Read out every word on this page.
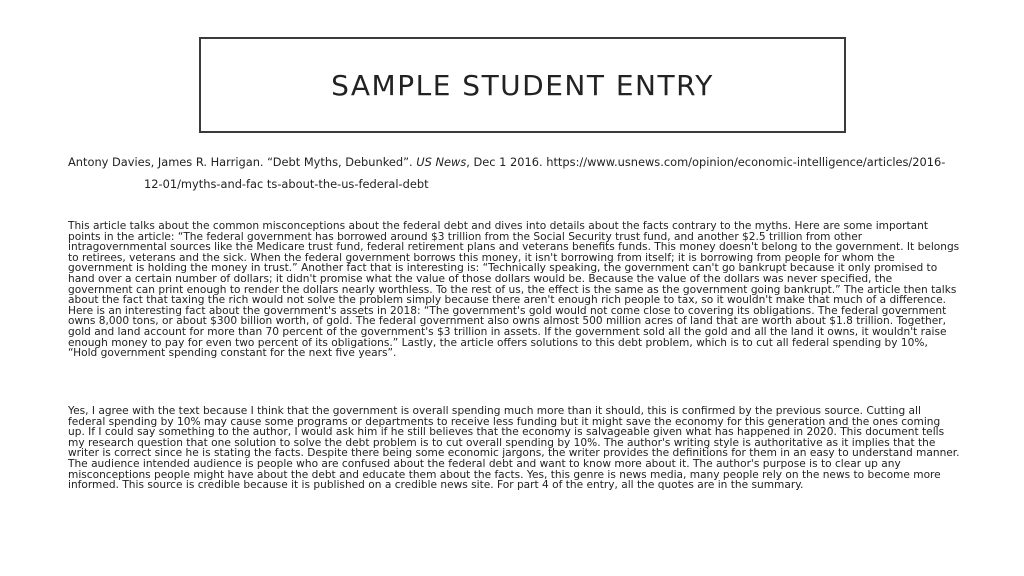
SAMPLE STUDENT ENTRY
Antony Davies, James R. Harrigan. “Debt Myths, Debunked”. US News, Dec 1 2016. https://www.usnews.com/opinion/economic-intelligence/articles/2016-
12-01/myths-and-fac ts-about-the-us-federal-debt
This article talks about the common misconceptions about the federal debt and dives into details about the facts contrary to the myths. Here are some important points in the article: “The federal government has borrowed around $3 trillion from the Social Security trust fund, and another $2.5 trillion from other intragovernmental sources like the Medicare trust fund, federal retirement plans and veterans benefits funds. This money doesn't belong to the government. It belongs to retirees, veterans and the sick. When the federal government borrows this money, it isn't borrowing from itself; it is borrowing from people for whom the government is holding the money in trust.” Another fact that is interesting is: “Technically speaking, the government can't go bankrupt because it only promised to hand over a certain number of dollars; it didn't promise what the value of those dollars would be. Because the value of the dollars was never specified, the government can print enough to render the dollars nearly worthless. To the rest of us, the effect is the same as the government going bankrupt.” The article then talks about the fact that taxing the rich would not solve the problem simply because there aren't enough rich people to tax, so it wouldn't make that much of a difference. Here is an interesting fact about the government's assets in 2018: “The government's gold would not come close to covering its obligations. The federal government owns 8,000 tons, or about $300 billion worth, of gold. The federal government also owns almost 500 million acres of land that are worth about $1.8 trillion. Together, gold and land account for more than 70 percent of the government's $3 trillion in assets. If the government sold all the gold and all the land it owns, it wouldn't raise enough money to pay for even two percent of its obligations.” Lastly, the article offers solutions to this debt problem, which is to cut all federal spending by 10%, “Hold government spending constant for the next five years”.
Yes, I agree with the text because I think that the government is overall spending much more than it should, this is confirmed by the previous source. Cutting all federal spending by 10% may cause some programs or departments to receive less funding but it might save the economy for this generation and the ones coming up. If I could say something to the author, I would ask him if he still believes that the economy is salvageable given what has happened in 2020. This document tells my research question that one solution to solve the debt problem is to cut overall spending by 10%. The author's writing style is authoritative as it implies that the writer is correct since he is stating the facts. Despite there being some economic jargons, the writer provides the definitions for them in an easy to understand manner. The audience intended audience is people who are confused about the federal debt and want to know more about it. The author's purpose is to clear up any misconceptions people might have about the debt and educate them about the facts. Yes, this genre is news media, many people rely on the news to become more informed. This source is credible because it is published on a credible news site. For part 4 of the entry, all the quotes are in the summary.
